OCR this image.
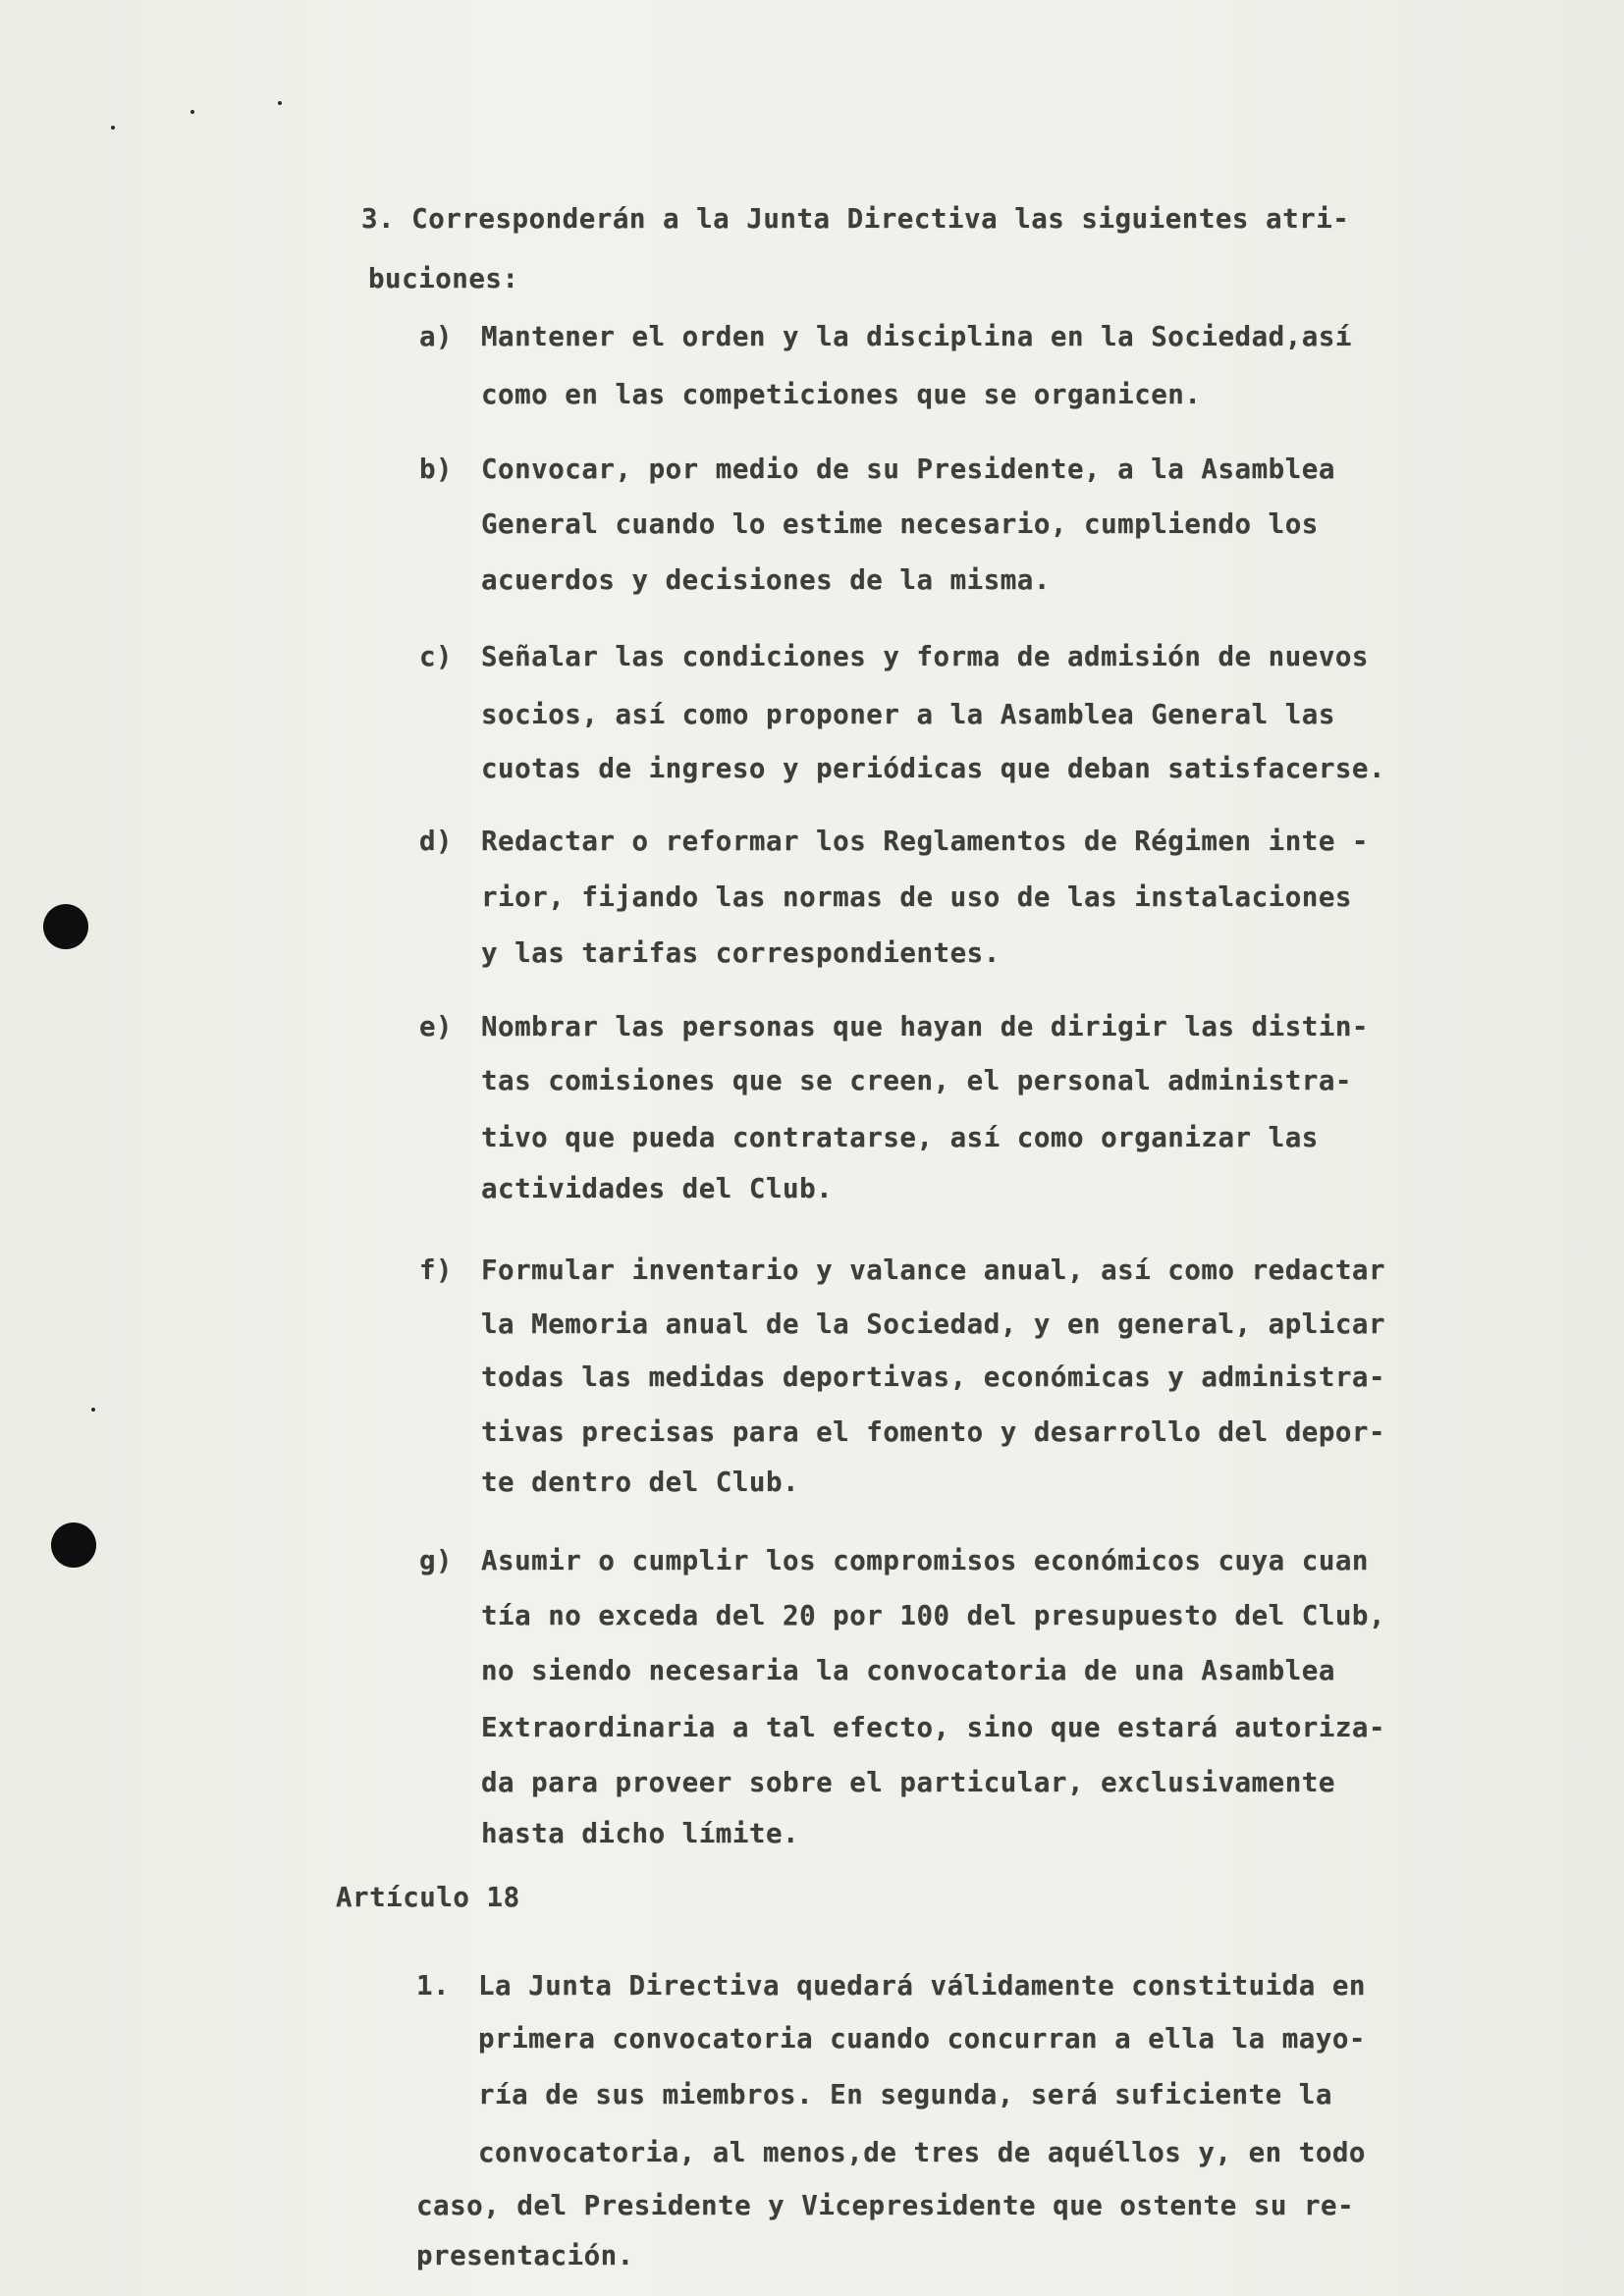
3. Corresponderán a la Junta Directiva las siguientes atri-
buciones:
a) Mantener el orden y la disciplina en la Sociedad,así
como en las competiciones que se organicen.
b) Convocar, por medio de su Presidente, a la Asamblea
General cuando lo estime necesario, cumpliendo los
acuerdos y decisiones de la misma.
c) Señalar las condiciones y forma de admisión de nuevos
socios, así como proponer a la Asamblea General las
cuotas de ingreso y periódicas que deban satisfacerse.
d) Redactar o reformar los Reglamentos de Régimen inte -
rior, fijando las normas de uso de las instalaciones
y las tarifas correspondientes.
e) Nombrar las personas que hayan de dirigir las distin-
tas comisiones que se creen, el personal administra-
tivo que pueda contratarse, así como organizar las
actividades del Club.
f) Formular inventario y valance anual, así como redactar
la Memoria anual de la Sociedad, y en general, aplicar
todas las medidas deportivas, económicas y administra-
tivas precisas para el fomento y desarrollo del depor-
te dentro del Club.
g) Asumir o cumplir los compromisos económicos cuya cuan
tía no exceda del 20 por 100 del presupuesto del Club,
no siendo necesaria la convocatoria de una Asamblea
Extraordinaria a tal efecto, sino que estará autoriza-
da para proveer sobre el particular, exclusivamente
hasta dicho límite.
Artículo 18
1. La Junta Directiva quedará válidamente constituida en
primera convocatoria cuando concurran a ella la mayo-
ría de sus miembros. En segunda, será suficiente la
convocatoria, al menos,de tres de aquéllos y, en todo
caso, del Presidente y Vicepresidente que ostente su re-
presentación.
